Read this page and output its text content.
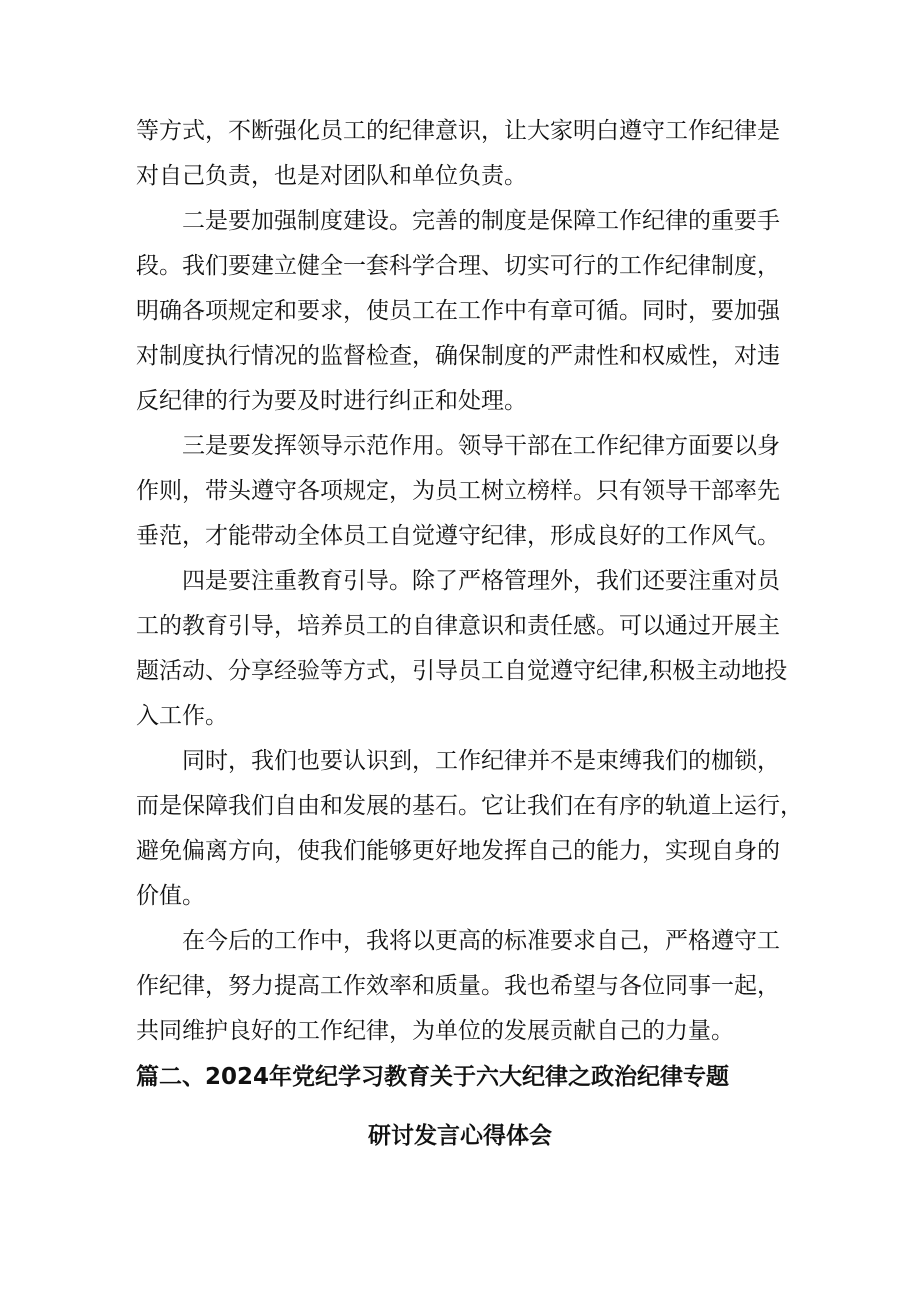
等方式，不断强化员工的纪律意识，让大家明白遵守工作纪律是

对自己负责，也是对团队和单位负责。

二是要加强制度建设。完善的制度是保障工作纪律的重要手

段。我们要建立健全一套科学合理、切实可行的工作纪律制度，

明确各项规定和要求，使员工在工作中有章可循。同时，要加强

对制度执行情况的监督检查，确保制度的严肃性和权威性，对违

反纪律的行为要及时进行纠正和处理。

三是要发挥领导示范作用。领导干部在工作纪律方面要以身

作则，带头遵守各项规定，为员工树立榜样。只有领导干部率先

垂范，才能带动全体员工自觉遵守纪律，形成良好的工作风气。

四是要注重教育引导。除了严格管理外，我们还要注重对员

工的教育引导，培养员工的自律意识和责任感。可以通过开展主

题活动、分享经验等方式，引导员工自觉遵守纪律,积极主动地投

入工作。

同时，我们也要认识到，工作纪律并不是束缚我们的枷锁，

而是保障我们自由和发展的基石。它让我们在有序的轨道上运行，

避免偏离方向，使我们能够更好地发挥自己的能力，实现自身的

价值。

在今后的工作中，我将以更高的标准要求自己，严格遵守工

作纪律，努力提高工作效率和质量。我也希望与各位同事一起，

共同维护良好的工作纪律，为单位的发展贡献自己的力量。

篇二、2024年党纪学习教育关于六大纪律之政治纪律专题
研讨发言心得体会
